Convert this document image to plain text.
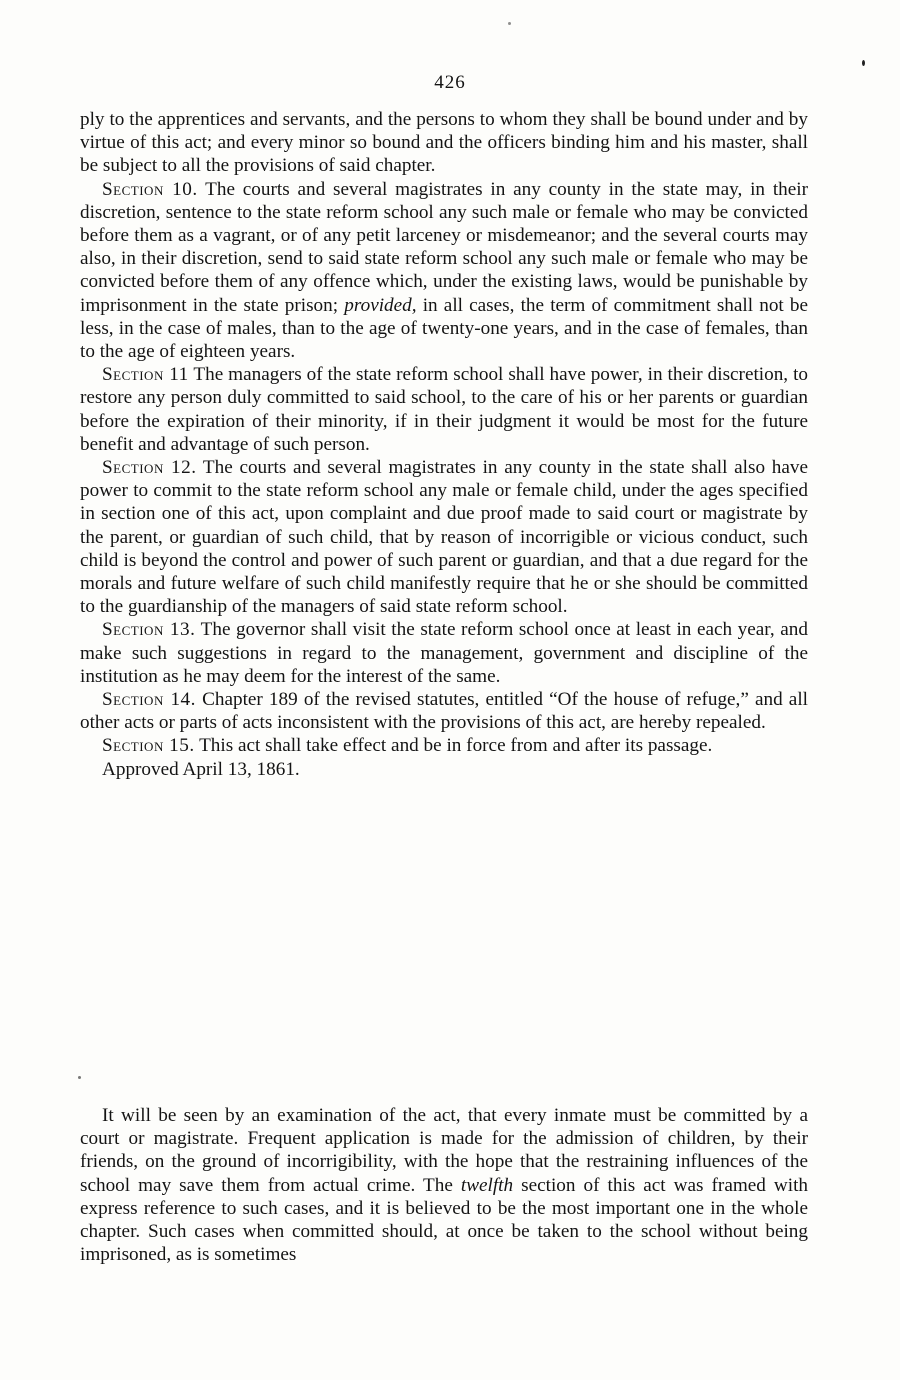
426

ply to the apprentices and servants, and the persons to whom they shall be bound under and by virtue of this act; and every minor so bound and the officers binding him and his master, shall be subject to all the provisions of said chapter.

Section 10. The courts and several magistrates in any county in the state may, in their discretion, sentence to the state reform school any such male or female who may be convicted before them as a vagrant, or of any petit larceney or misdemeanor; and the several courts may also, in their discretion, send to said state reform school any such male or female who may be convicted before them of any offence which, under the existing laws, would be punishable by imprisonment in the state prison; provided, in all cases, the term of commitment shall not be less, in the case of males, than to the age of twenty-one years, and in the case of females, than to the age of eighteen years.

Section 11 The managers of the state reform school shall have power, in their discretion, to restore any person duly committed to said school, to the care of his or her parents or guardian before the expiration of their minority, if in their judgment it would be most for the future benefit and advantage of such person.

Section 12. The courts and several magistrates in any county in the state shall also have power to commit to the state reform school any male or female child, under the ages specified in section one of this act, upon complaint and due proof made to said court or magistrate by the parent, or guardian of such child, that by reason of incorrigible or vicious conduct, such child is beyond the control and power of such parent or guardian, and that a due regard for the morals and future welfare of such child manifestly require that he or she should be committed to the guardianship of the managers of said state reform school.

Section 13. The governor shall visit the state reform school once at least in each year, and make such suggestions in regard to the management, government and discipline of the institution as he may deem for the interest of the same.

Section 14. Chapter 189 of the revised statutes, entitled “Of the house of refuge,” and all other acts or parts of acts inconsistent with the provisions of this act, are hereby repealed.

Section 15. This act shall take effect and be in force from and after its passage.

Approved April 13, 1861.

It will be seen by an examination of the act, that every inmate must be committed by a court or magistrate. Frequent application is made for the admission of children, by their friends, on the ground of incorrigibility, with the hope that the restraining influences of the school may save them from actual crime. The twelfth section of this act was framed with express reference to such cases, and it is believed to be the most important one in the whole chapter. Such cases when committed should, at once be taken to the school without being imprisoned, as is sometimes
